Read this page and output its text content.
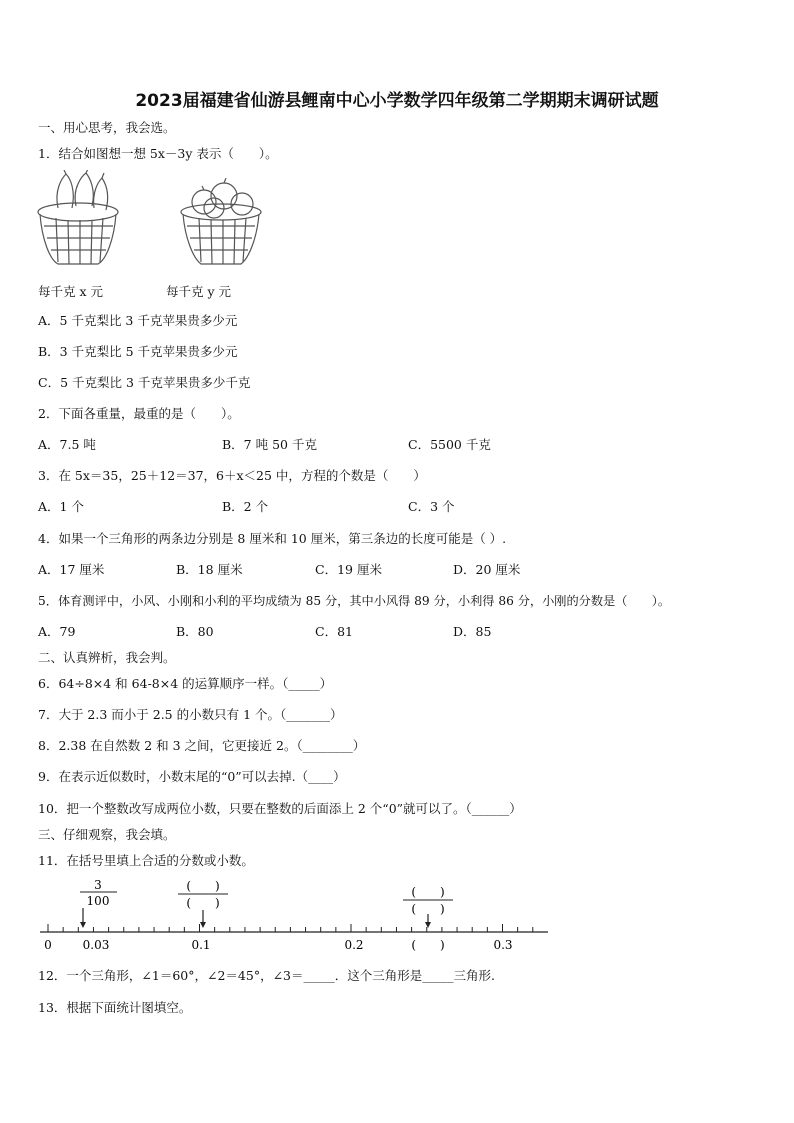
2023届福建省仙游县鲤南中心小学数学四年级第二学期期末调研试题
一、用心思考，我会选。
1．结合如图想一想 5x－3y 表示（　　）。
每千克 x 元	每千克 y 元
A．5 千克梨比 3 千克苹果贵多少元
B．3 千克梨比 5 千克苹果贵多少元
C．5 千克梨比 3 千克苹果贵多少千克
2．下面各重量，最重的是（　　）。
A．7.5 吨	B．7 吨 50 千克	C．5500 千克
3．在 5x＝35，25＋12＝37，6＋x＜25 中，方程的个数是（　　）
A．1 个	B．2 个	C．3 个
4．如果一个三角形的两条边分别是 8 厘米和 10 厘米，第三条边的长度可能是（ ）.
A．17 厘米	B．18 厘米	C．19 厘米	D．20 厘米
5．体育测评中，小风、小刚和小利的平均成绩为 85 分，其中小风得 89 分，小利得 86 分，小刚的分数是（　　）。
A．79	B．80	C．81	D．85
二、认真辨析，我会判。
6．64÷8×4 和 64-8×4 的运算顺序一样。（_____）
7．大于 2.3 而小于 2.5 的小数只有 1 个。（_______）
8．2.38 在自然数 2 和 3 之间，它更接近 2。（________）
9．在表示近似数时，小数末尾的“0”可以去掉.（____）
10．把一个整数改写成两位小数，只要在整数的后面添上 2 个“0”就可以了。（______）
三、仔细观察，我会填。
11．在括号里填上合适的分数或小数。
3
100
(　　)
(　　)
(　　)
(　　)
0	0.03	0.1	0.2	(　　)	0.3
12．一个三角形，∠1＝60°，∠2＝45°，∠3＝_____．这个三角形是_____三角形.
13．根据下面统计图填空。
